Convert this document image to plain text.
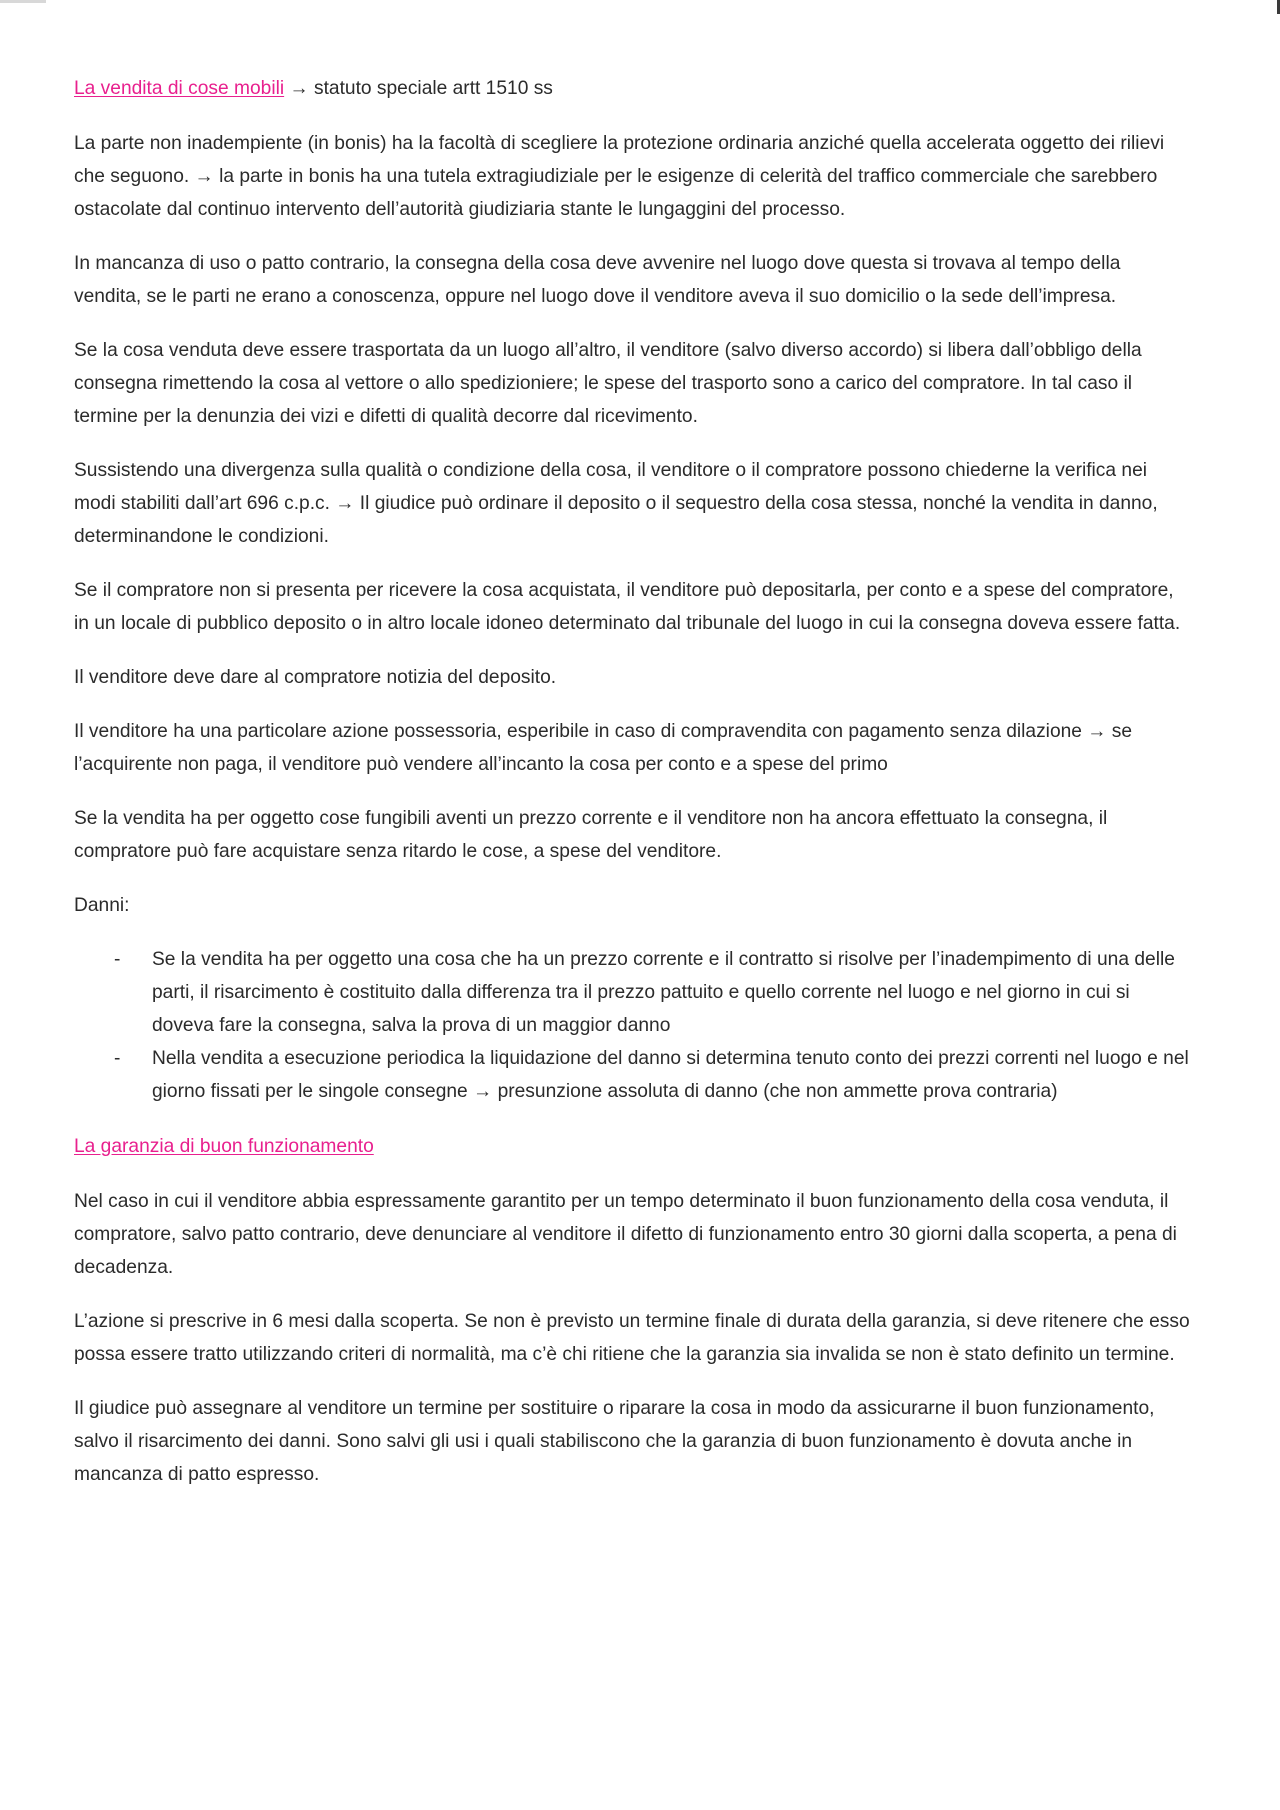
La vendita di cose mobili → statuto speciale artt 1510 ss

La parte non inadempiente (in bonis) ha la facoltà di scegliere la protezione ordinaria anziché quella accelerata oggetto dei rilievi che seguono. → la parte in bonis ha una tutela extragiudiziale per le esigenze di celerità del traffico commerciale che sarebbero ostacolate dal continuo intervento dell’autorità giudiziaria stante le lungaggini del processo.

In mancanza di uso o patto contrario, la consegna della cosa deve avvenire nel luogo dove questa si trovava al tempo della vendita, se le parti ne erano a conoscenza, oppure nel luogo dove il venditore aveva il suo domicilio o la sede dell’impresa.

Se la cosa venduta deve essere trasportata da un luogo all’altro, il venditore (salvo diverso accordo) si libera dall’obbligo della consegna rimettendo la cosa al vettore o allo spedizioniere; le spese del trasporto sono a carico del compratore. In tal caso il termine per la denunzia dei vizi e difetti di qualità decorre dal ricevimento.

Sussistendo una divergenza sulla qualità o condizione della cosa, il venditore o il compratore possono chiederne la verifica nei modi stabiliti dall’art 696 c.p.c. → Il giudice può ordinare il deposito o il sequestro della cosa stessa, nonché la vendita in danno, determinandone le condizioni.

Se il compratore non si presenta per ricevere la cosa acquistata, il venditore può depositarla, per conto e a spese del compratore, in un locale di pubblico deposito o in altro locale idoneo determinato dal tribunale del luogo in cui la consegna doveva essere fatta.

Il venditore deve dare al compratore notizia del deposito.

Il venditore ha una particolare azione possessoria, esperibile in caso di compravendita con pagamento senza dilazione → se l’acquirente non paga, il venditore può vendere all’incanto la cosa per conto e a spese del primo

Se la vendita ha per oggetto cose fungibili aventi un prezzo corrente e il venditore non ha ancora effettuato la consegna, il compratore può fare acquistare senza ritardo le cose, a spese del venditore.

Danni:

- Se la vendita ha per oggetto una cosa che ha un prezzo corrente e il contratto si risolve per l’inadempimento di una delle parti, il risarcimento è costituito dalla differenza tra il prezzo pattuito e quello corrente nel luogo e nel giorno in cui si doveva fare la consegna, salva la prova di un maggior danno
- Nella vendita a esecuzione periodica la liquidazione del danno si determina tenuto conto dei prezzi correnti nel luogo e nel giorno fissati per le singole consegne → presunzione assoluta di danno (che non ammette prova contraria)
La garanzia di buon funzionamento

Nel caso in cui il venditore abbia espressamente garantito per un tempo determinato il buon funzionamento della cosa venduta, il compratore, salvo patto contrario, deve denunciare al venditore il difetto di funzionamento entro 30 giorni dalla scoperta, a pena di decadenza.

L’azione si prescrive in 6 mesi dalla scoperta. Se non è previsto un termine finale di durata della garanzia, si deve ritenere che esso possa essere tratto utilizzando criteri di normalità, ma c’è chi ritiene che la garanzia sia invalida se non è stato definito un termine.

Il giudice può assegnare al venditore un termine per sostituire o riparare la cosa in modo da assicurarne il buon funzionamento, salvo il risarcimento dei danni. Sono salvi gli usi i quali stabiliscono che la garanzia di buon funzionamento è dovuta anche in mancanza di patto espresso.
